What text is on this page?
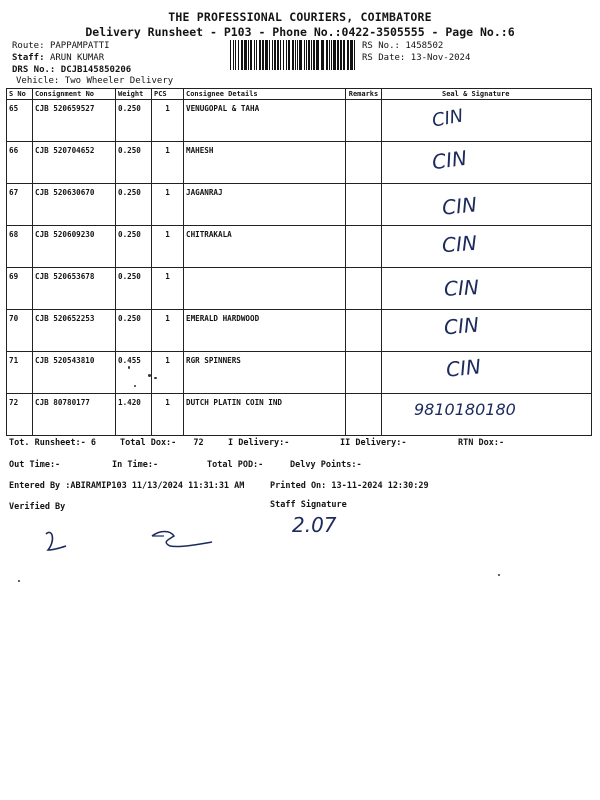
THE PROFESSIONAL COURIERS, COIMBATORE
Delivery Runsheet - P103 - Phone No.:0422-3505555 - Page No.:6
Route: PAPPAMPATTI
Staff: ARUN KUMAR
DRS No.: DCJB145850206
Vehicle: Two Wheeler Delivery
RS No.: 1458502
RS Date: 13-Nov-2024
S No	Consignment No	Weight	PCS	Consignee Details	Remarks	Seal & Signature
65	CJB 520659527	0.250	1	VENUGOPAL & TAHA		CIN

66	CJB 520704652	0.250	1	MAHESH		CIN

67	CJB 520630670	0.250	1	JAGANRAJ		CIN

68	CJB 520609230	0.250	1	CHITRAKALA		CIN

69	CJB 520653678	0.250	1			CIN

70	CJB 520652253	0.250	1	EMERALD HARDWOOD		CIN

71	CJB 520543810	0.455	1	RGR SPINNERS		CIN

72	CJB 80780177	1.420	1	DUTCH PLATIN COIN IND		9810180180
Tot. Runsheet:- 6	Total Dox:- 72	I Delivery:-	II Delivery:-	RTN Dox:-
Out Time:-	In Time:-	Total POD:-	Delvy Points:-
Entered By :ABIRAMIP103 11/13/2024 11:31:31 AM	Printed On: 13-11-2024 12:30:29
Verified By	Staff Signature
2.07
